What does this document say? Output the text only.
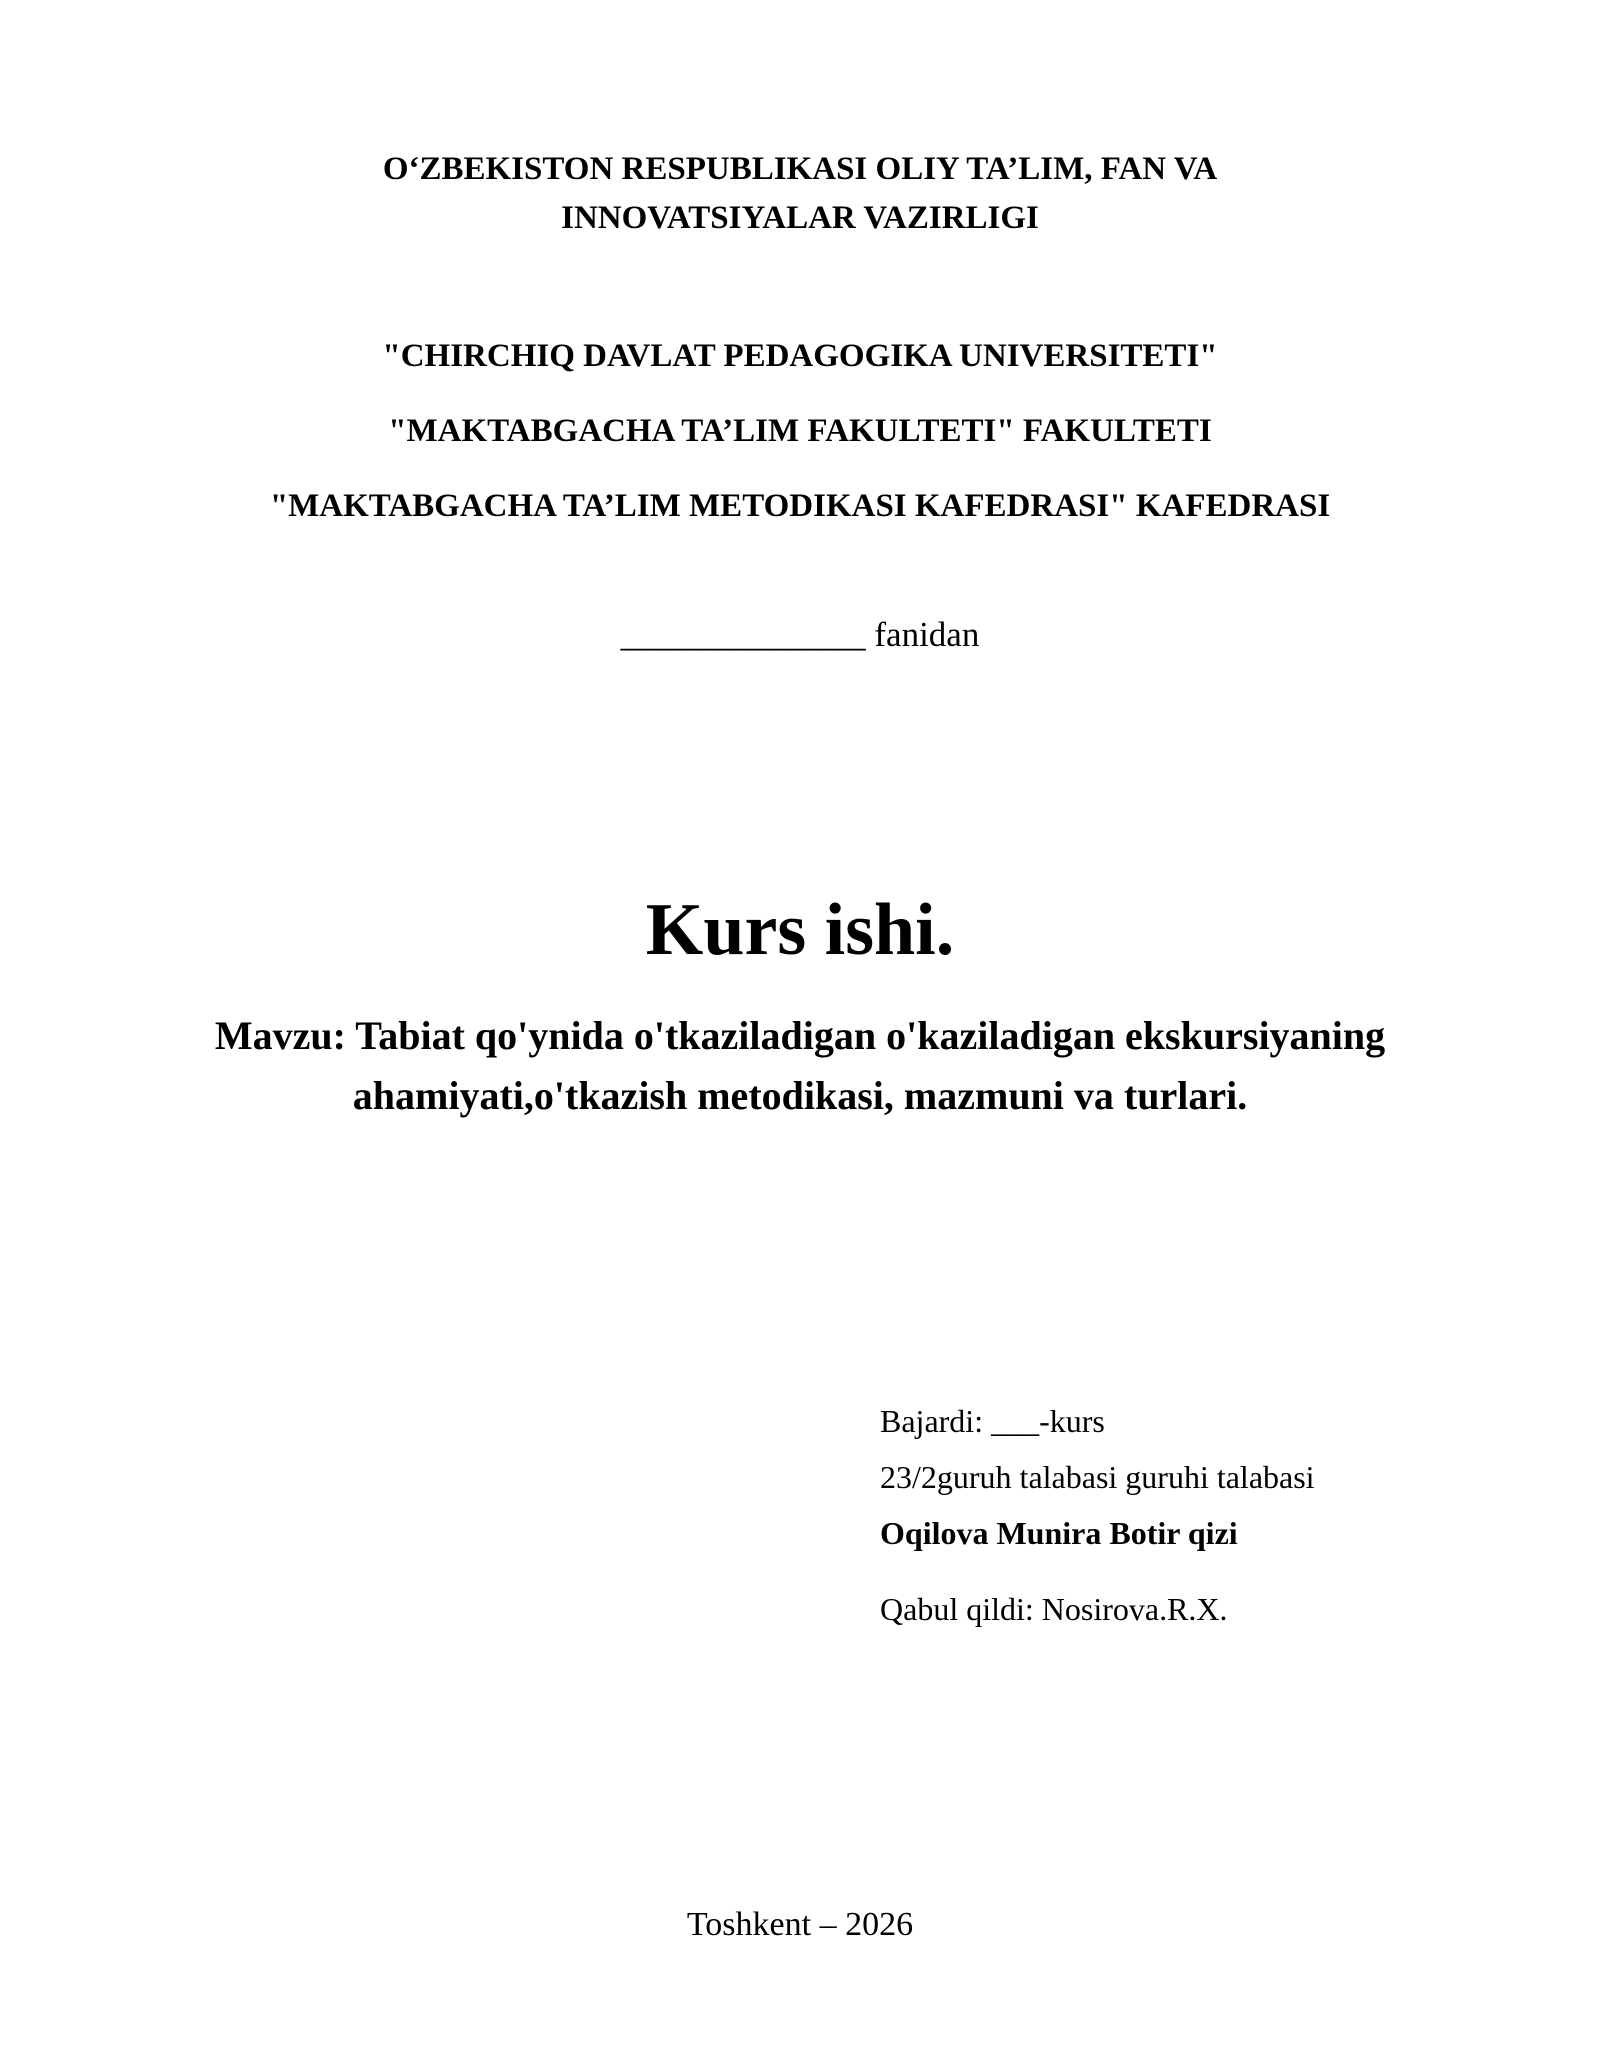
O‘ZBEKISTON RESPUBLIKASI OLIY TA’LIM, FAN VA
INNOVATSIYALAR VAZIRLIGI
"CHIRCHIQ DAVLAT PEDAGOGIKA UNIVERSITETI"
"MAKTABGACHA TA’LIM FAKULTETI" FAKULTETI
"MAKTABGACHA TA’LIM METODIKASI KAFEDRASI" KAFEDRASI
______________ fanidan
Kurs ishi.
Mavzu: Tabiat qo'ynida o'tkaziladigan o'kaziladigan ekskursiyaning
ahamiyati,o'tkazish metodikasi, mazmuni va turlari.
Bajardi: ___-kurs
23/2guruh talabasi guruhi talabasi
Oqilova Munira Botir qizi
Qabul qildi: Nosirova.R.X.
Toshkent – 2026
